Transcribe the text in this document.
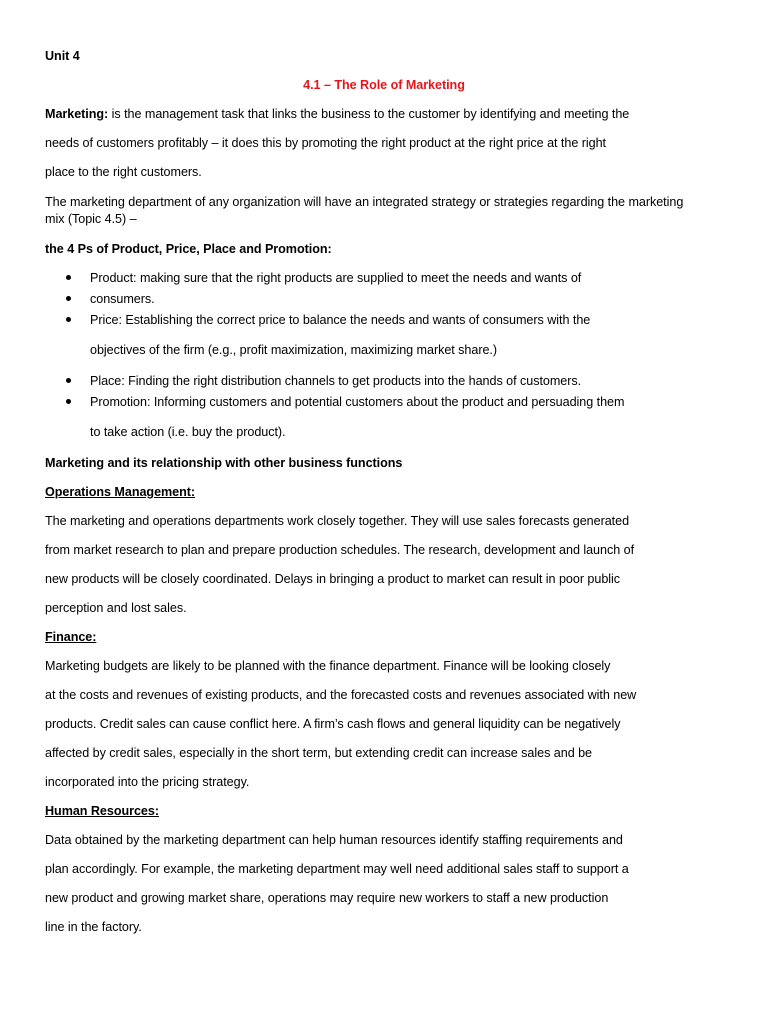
Unit 4
4.1 – The Role of Marketing
Marketing: is the management task that links the business to the customer by identifying and meeting the
needs of customers profitably – it does this by promoting the right product at the right price at the right
place to the right customers.
The marketing department of any organization will have an integrated strategy or strategies regarding the marketing
mix (Topic 4.5) –
the 4 Ps of Product, Price, Place and Promotion:
Product: making sure that the right products are supplied to meet the needs and wants of
consumers.
Price: Establishing the correct price to balance the needs and wants of consumers with the
objectives of the firm (e.g., profit maximization, maximizing market share.)
Place: Finding the right distribution channels to get products into the hands of customers.
Promotion: Informing customers and potential customers about the product and persuading them
to take action (i.e. buy the product).
Marketing and its relationship with other business functions
Operations Management:
The marketing and operations departments work closely together. They will use sales forecasts generated
from market research to plan and prepare production schedules. The research, development and launch of
new products will be closely coordinated. Delays in bringing a product to market can result in poor public
perception and lost sales.
Finance:
Marketing budgets are likely to be planned with the finance department. Finance will be looking closely
at the costs and revenues of existing products, and the forecasted costs and revenues associated with new
products. Credit sales can cause conflict here. A firm’s cash flows and general liquidity can be negatively
affected by credit sales, especially in the short term, but extending credit can increase sales and be
incorporated into the pricing strategy.
Human Resources:
Data obtained by the marketing department can help human resources identify staffing requirements and
plan accordingly. For example, the marketing department may well need additional sales staff to support a
new product and growing market share, operations may require new workers to staff a new production
line in the factory.
